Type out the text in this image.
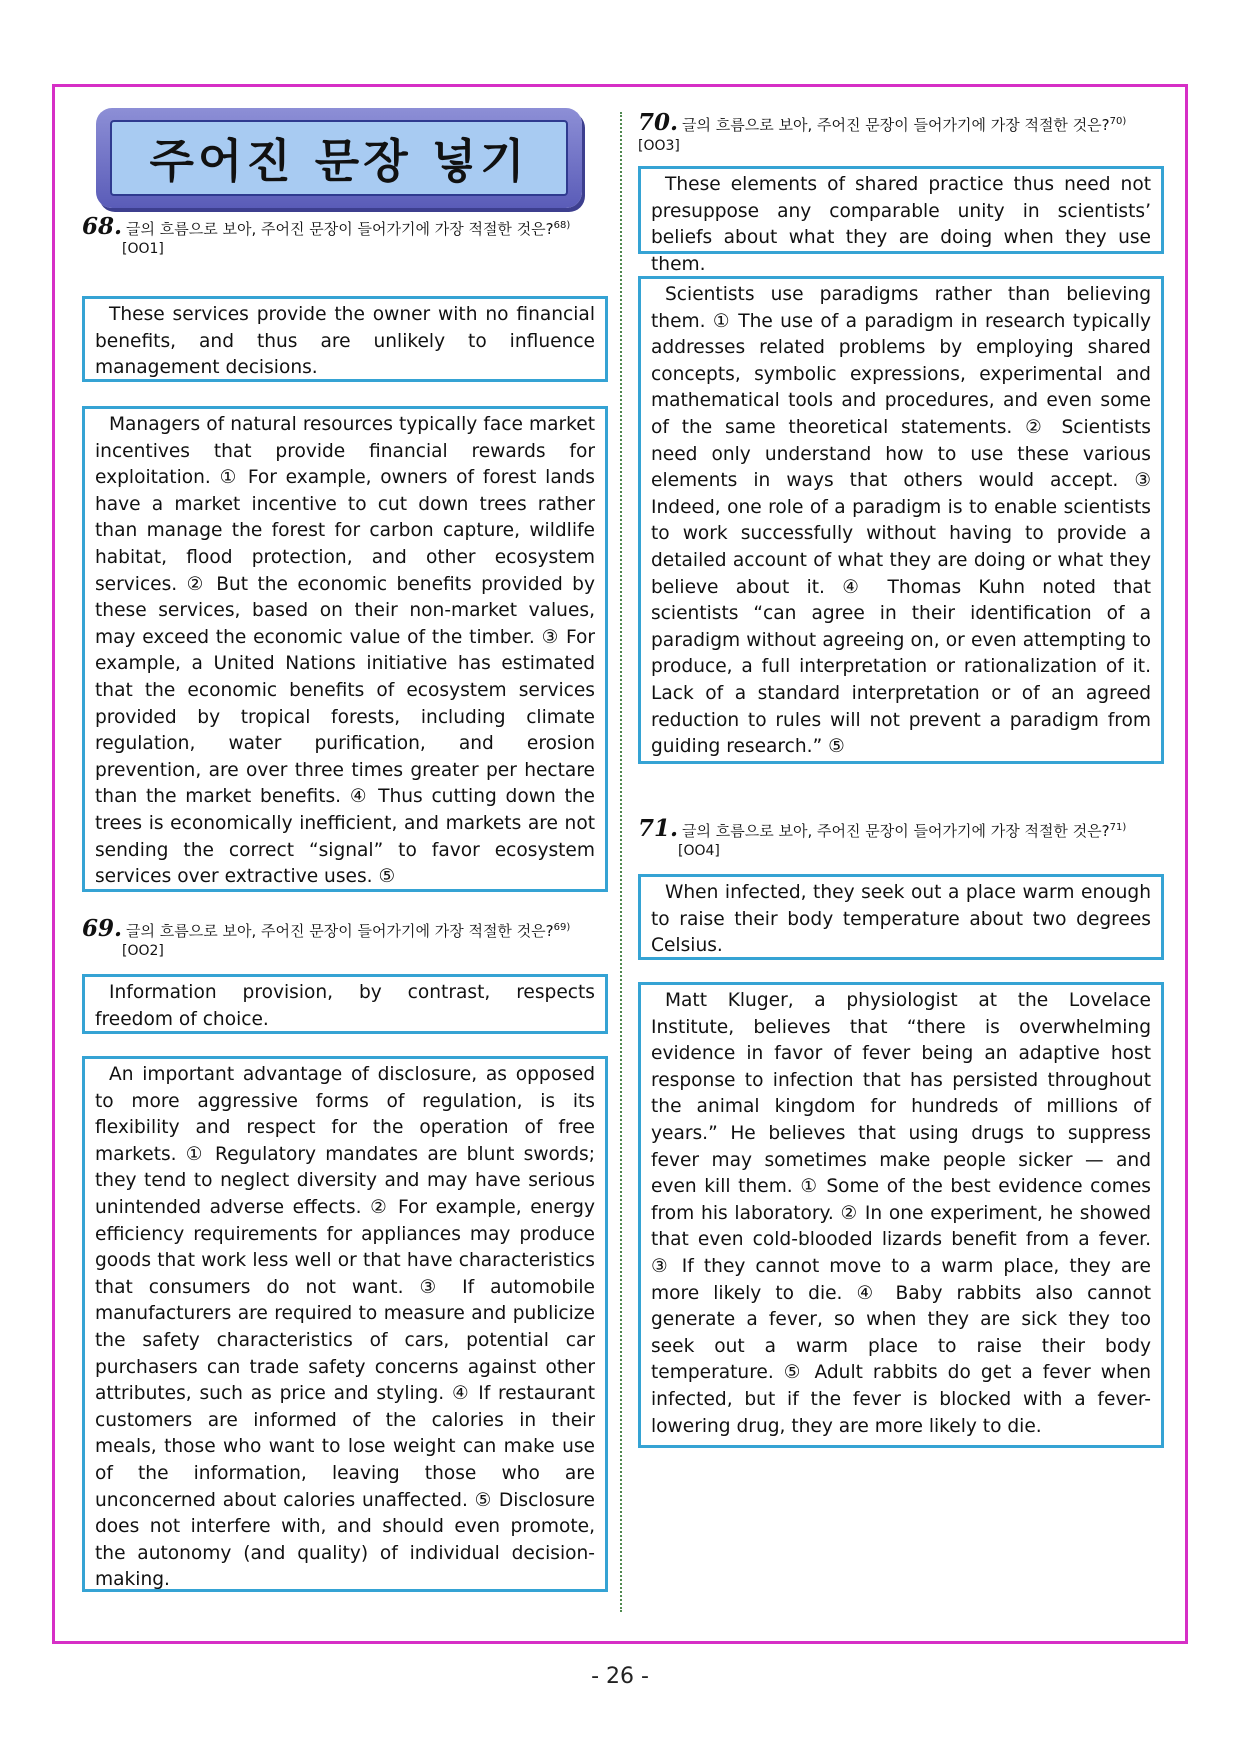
주어진 문장 넣기
68. 글의 흐름으로 보아, 주어진 문장이 들어가기에 가장 적절한 것은?$^{68)}$
[OO1]

These services provide the owner with no financial benefits, and thus are unlikely to influence management decisions.

Managers of natural resources typically face market incentives that provide financial rewards for exploitation. ① For example, owners of forest lands have a market incentive to cut down trees rather than manage the forest for carbon capture, wildlife habitat, flood protection, and other ecosystem services. ② But the economic benefits provided by these services, based on their non-market values, may exceed the economic value of the timber. ③ For example, a United Nations initiative has estimated that the economic benefits of ecosystem services provided by tropical forests, including climate regulation, water purification, and erosion prevention, are over three times greater per hectare than the market benefits. ④ Thus cutting down the trees is economically inefficient, and markets are not sending the correct “signal” to favor ecosystem services over extractive uses. ⑤

69. 글의 흐름으로 보아, 주어진 문장이 들어가기에 가장 적절한 것은?$^{69)}$
[OO2]

Information provision, by contrast, respects freedom of choice.

An important advantage of disclosure, as opposed to more aggressive forms of regulation, is its flexibility and respect for the operation of free markets. ① Regulatory mandates are blunt swords; they tend to neglect diversity and may have serious unintended adverse effects. ② For example, energy efficiency requirements for appliances may produce goods that work less well or that have characteristics that consumers do not want. ③ If automobile manufacturers are required to measure and publicize the safety characteristics of cars, potential car purchasers can trade safety concerns against other attributes, such as price and styling. ④ If restaurant customers are informed of the calories in their meals, those who want to lose weight can make use of the information, leaving those who are unconcerned about calories unaffected. ⑤ Disclosure does not interfere with, and should even promote, the autonomy (and quality) of individual decision-making.

70. 글의 흐름으로 보아, 주어진 문장이 들어가기에 가장 적절한 것은?$^{70)}$[OO3]

These elements of shared practice thus need not presuppose any comparable unity in scientists’ beliefs about what they are doing when they use them.

Scientists use paradigms rather than believing them. ① The use of a paradigm in research typically addresses related problems by employing shared concepts, symbolic expressions, experimental and mathematical tools and procedures, and even some of the same theoretical statements. ② Scientists need only understand how to use these various elements in ways that others would accept. ③ Indeed, one role of a paradigm is to enable scientists to work successfully without having to provide a detailed account of what they are doing or what they believe about it. ④ Thomas Kuhn noted that scientists “can agree in their identification of a paradigm without agreeing on, or even attempting to produce, a full interpretation or rationalization of it. Lack of a standard interpretation or of an agreed reduction to rules will not prevent a paradigm from guiding research.” ⑤

71. 글의 흐름으로 보아, 주어진 문장이 들어가기에 가장 적절한 것은?$^{71)}$
[OO4]

When infected, they seek out a place warm enough to raise their body temperature about two degrees Celsius.

Matt Kluger, a physiologist at the Lovelace Institute, believes that “there is overwhelming evidence in favor of fever being an adaptive host response to infection that has persisted throughout the animal kingdom for hundreds of millions of years.” He believes that using drugs to suppress fever may sometimes make people sicker — and even kill them. ① Some of the best evidence comes from his laboratory. ② In one experiment, he showed that even cold-blooded lizards benefit from a fever. ③ If they cannot move to a warm place, they are more likely to die. ④ Baby rabbits also cannot generate a fever, so when they are sick they too seek out a warm place to raise their body temperature. ⑤ Adult rabbits do get a fever when infected, but if the fever is blocked with a fever-lowering drug, they are more likely to die.

- 26 -
